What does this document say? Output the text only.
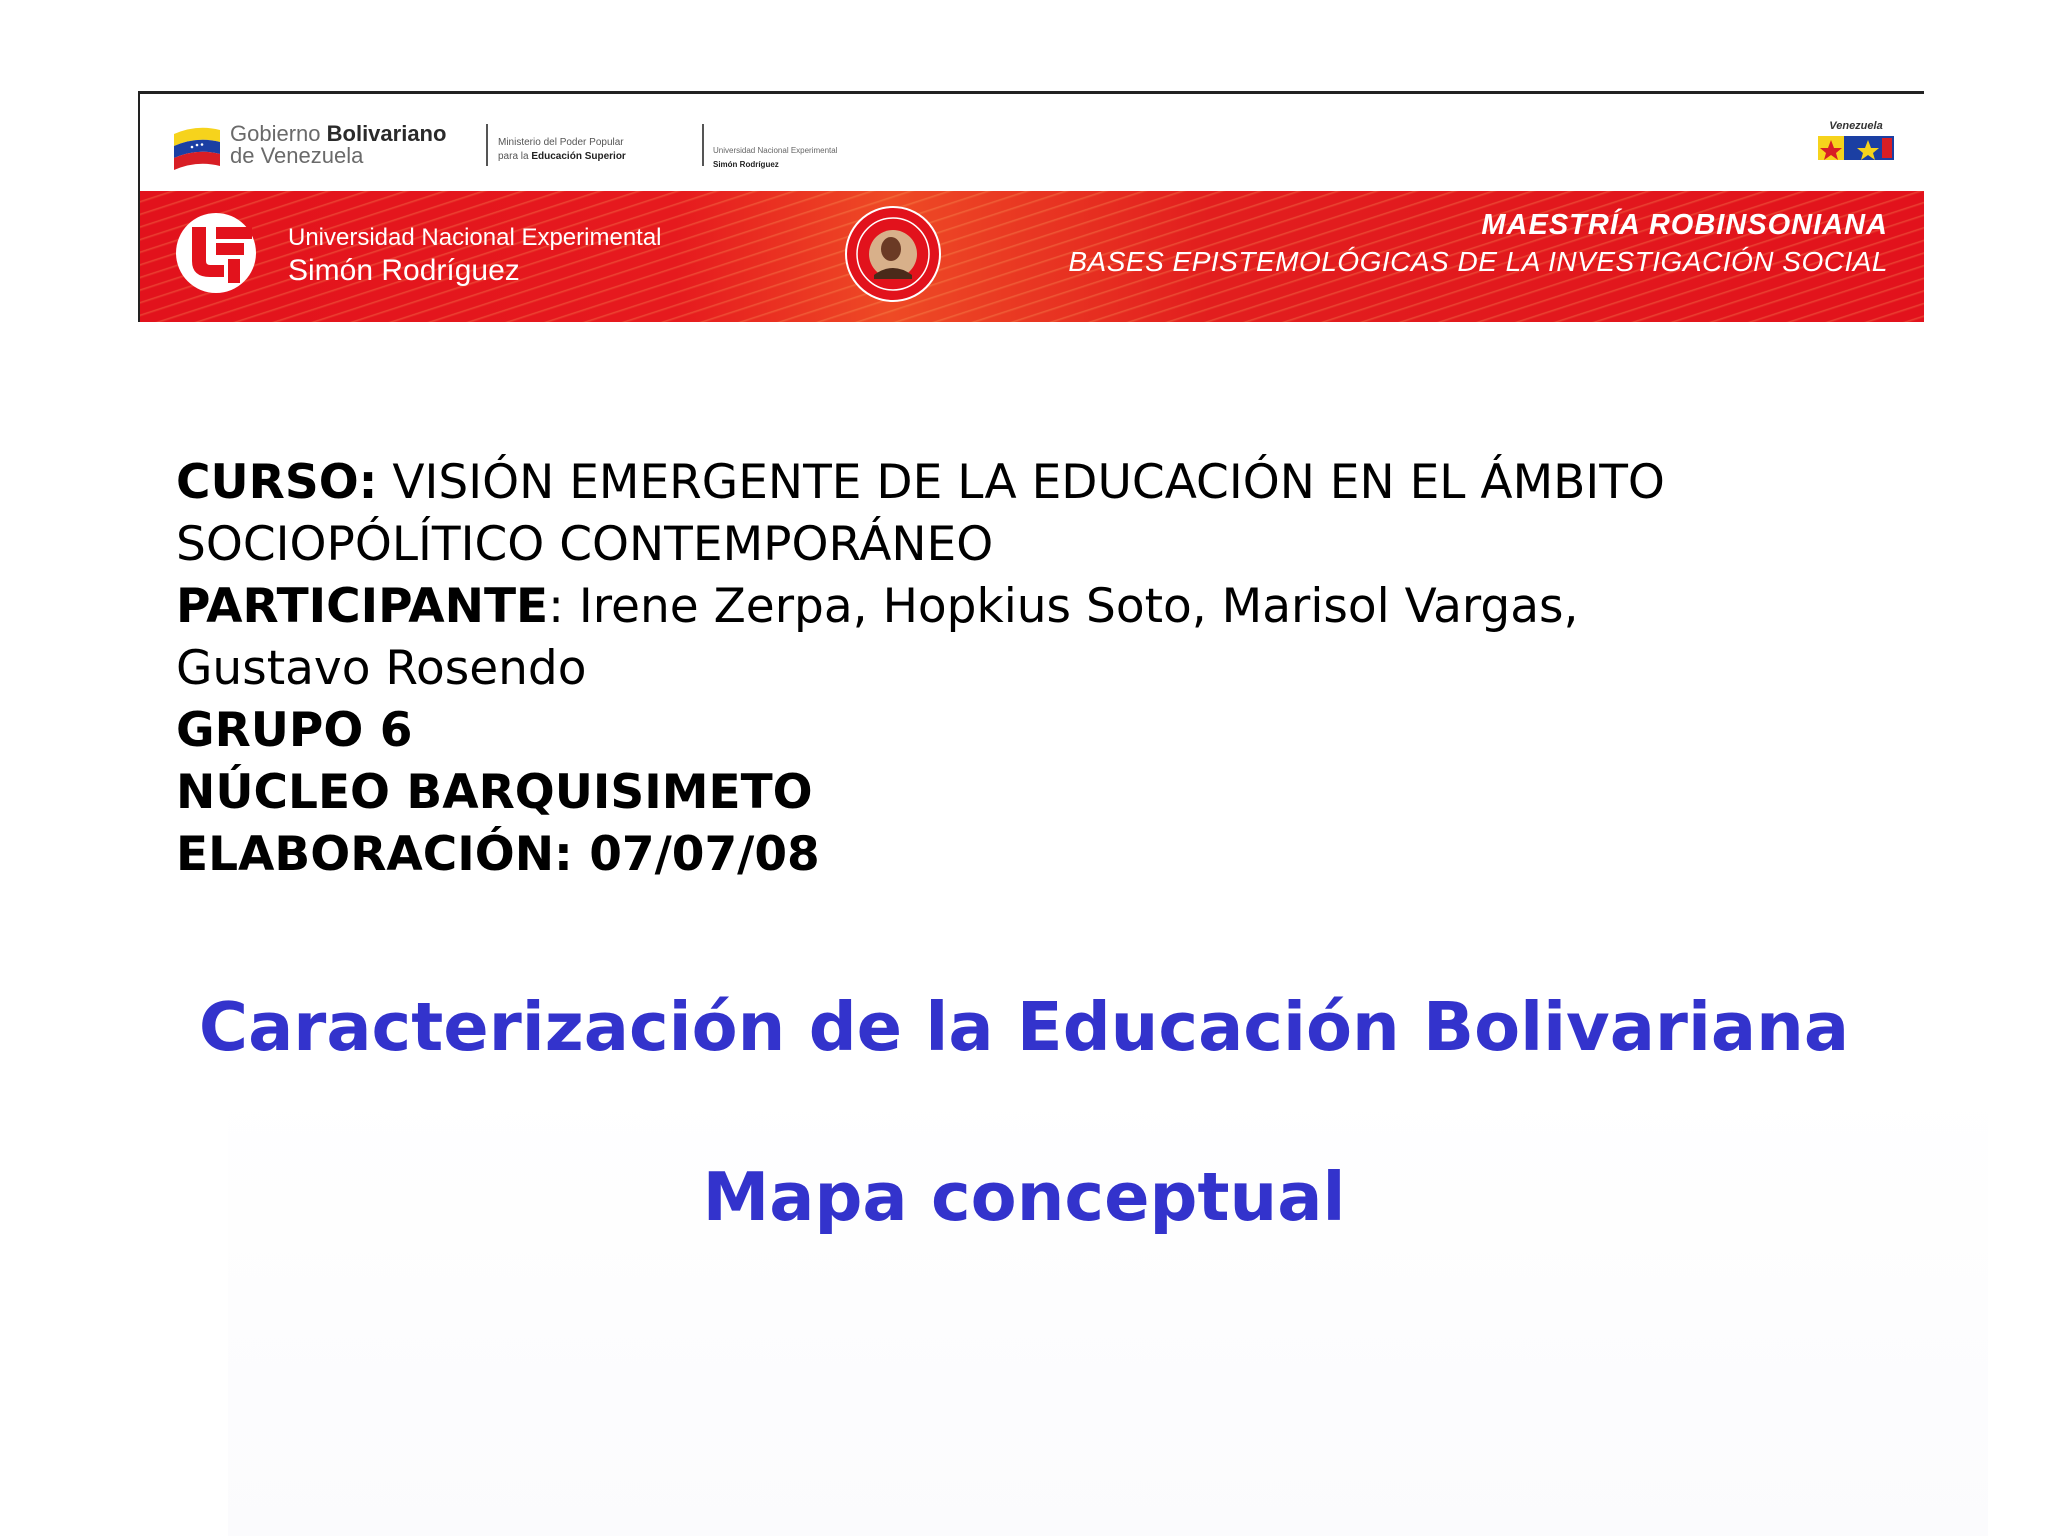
Gobierno Bolivariano
de Venezuela
Ministerio del Poder Popular
para la Educación Superior
Universidad Nacional Experimental
Simón Rodríguez
Venezuela
Universidad Nacional Experimental
Simón Rodríguez
MAESTRÍA ROBINSONIANA
BASES EPISTEMOLÓGICAS DE LA INVESTIGACIÓN SOCIAL
CURSO: VISIÓN EMERGENTE DE LA EDUCACIÓN EN EL ÁMBITO
SOCIOPÓLÍTICO CONTEMPORÁNEO
PARTICIPANTE: Irene Zerpa, Hopkius Soto, Marisol Vargas,
Gustavo Rosendo
GRUPO 6
NÚCLEO BARQUISIMETO
ELABORACIÓN: 07/07/08
Caracterización de la Educación Bolivariana
Mapa conceptual
